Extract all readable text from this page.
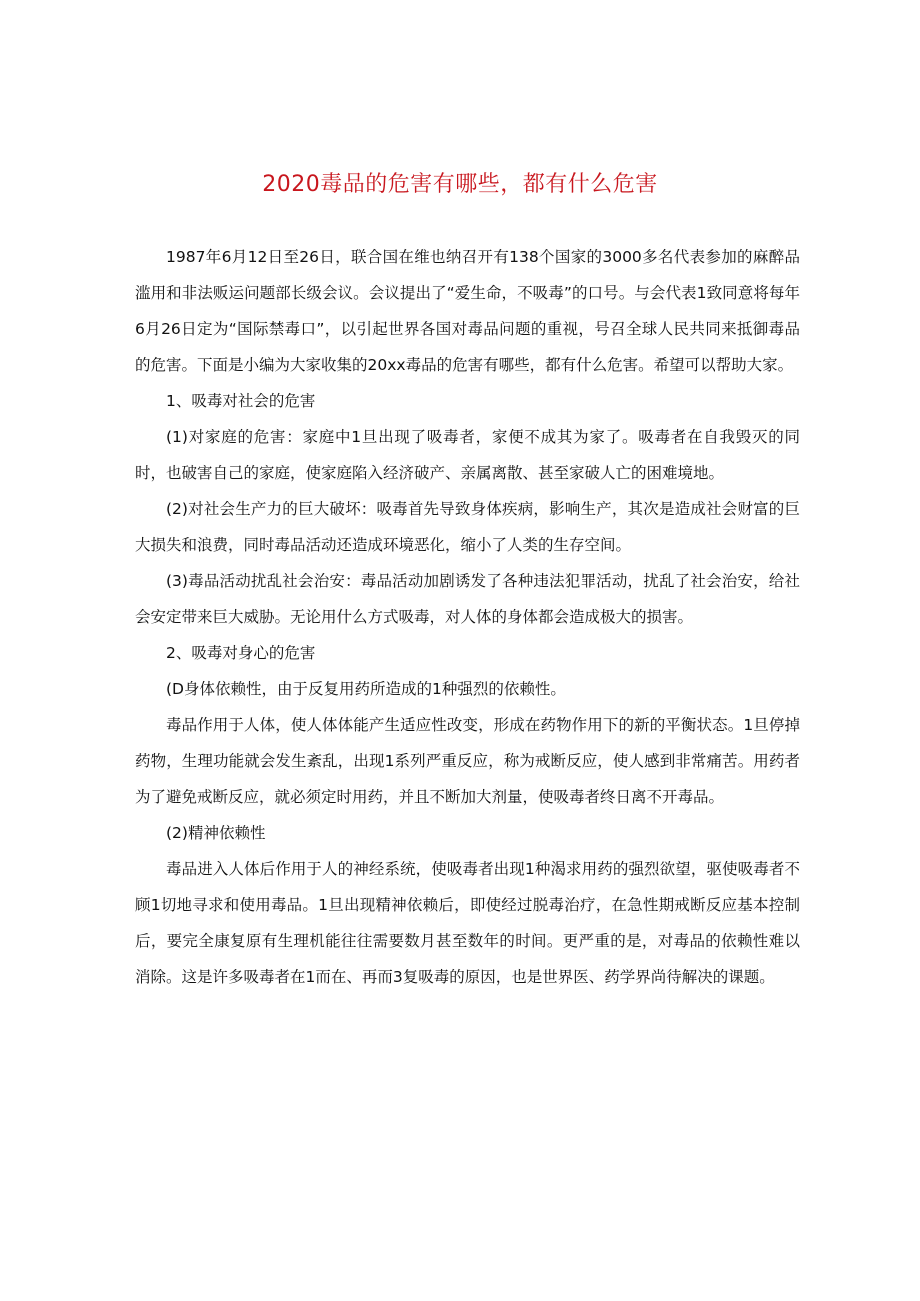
2020毒品的危害有哪些，都有什么危害

1987年6月12日至26日，联合国在维也纳召开有138个国家的3000多名代表参加的麻醉品滥用和非法贩运问题部长级会议。会议提出了“爱生命，不吸毒”的口号。与会代表1致同意将每年6月26日定为“国际禁毒口”，以引起世界各国对毒品问题的重视，号召全球人民共同来抵御毒品的危害。下面是小编为大家收集的20xx毒品的危害有哪些，都有什么危害。希望可以帮助大家。

1、吸毒对社会的危害

(1)对家庭的危害：家庭中1旦出现了吸毒者，家便不成其为家了。吸毒者在自我毁灭的同时，也破害自己的家庭，使家庭陷入经济破产、亲属离散、甚至家破人亡的困难境地。

(2)对社会生产力的巨大破坏：吸毒首先导致身体疾病，影响生产，其次是造成社会财富的巨大损失和浪费，同时毒品活动还造成环境恶化，缩小了人类的生存空间。

(3)毒品活动扰乱社会治安：毒品活动加剧诱发了各种违法犯罪活动，扰乱了社会治安，给社会安定带来巨大威胁。无论用什么方式吸毒，对人体的身体都会造成极大的损害。

2、吸毒对身心的危害

(D身体依赖性，由于反复用药所造成的1种强烈的依赖性。

毒品作用于人体，使人体体能产生适应性改变，形成在药物作用下的新的平衡状态。1旦停掉药物，生理功能就会发生紊乱，出现1系列严重反应，称为戒断反应，使人感到非常痛苦。用药者为了避免戒断反应，就必须定时用药，并且不断加大剂量，使吸毒者终日离不开毒品。

(2)精神依赖性

毒品进入人体后作用于人的神经系统，使吸毒者出现1种渴求用药的强烈欲望，驱使吸毒者不顾1切地寻求和使用毒品。1旦出现精神依赖后，即使经过脱毒治疗，在急性期戒断反应基本控制后，要完全康复原有生理机能往往需要数月甚至数年的时间。更严重的是，对毒品的依赖性难以消除。这是许多吸毒者在1而在、再而3复吸毒的原因，也是世界医、药学界尚待解决的课题。
